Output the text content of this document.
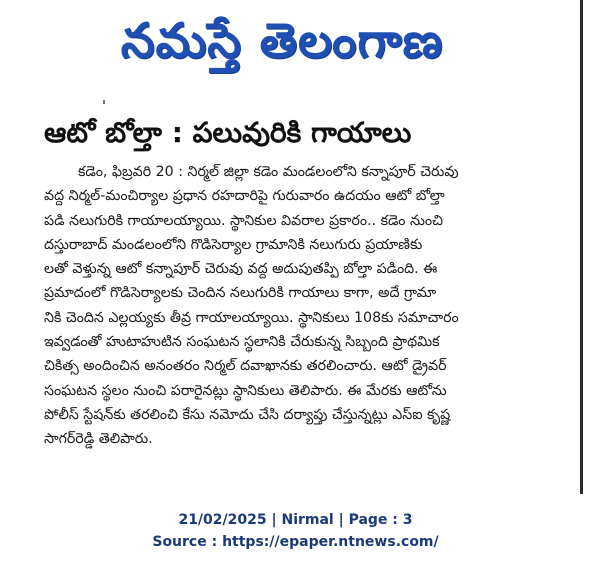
నమస్తే తెలంగాణ
ఆటో బోల్తా : పలువురికి గాయాలు
కడెం, ఫిబ్రవరి 20 : నిర్మల్ జిల్లా కడెం మండలంలోని కన్నాపూర్ చెరువు
వద్ద నిర్మల్-మంచిర్యాల ప్రధాన రహదారిపై గురువారం ఉదయం ఆటో బోల్తా
పడి నలుగురికి గాయాలయ్యాయి. స్థానికుల వివరాల ప్రకారం.. కడెం నుంచి
దస్తురాబాద్ మండలంలోని గొడిసెర్యాల గ్రామానికి నలుగురు ప్రయాణికు
లతో వెళ్తున్న ఆటో కన్నాపూర్ చెరువు వద్ద అదుపుతప్పి బోల్తా పడింది. ఈ
ప్రమాదంలో గొడిసెర్యాలకు చెందిన నలుగురికి గాయాలు కాగా, అదే గ్రామా
నికి చెందిన ఎల్లయ్యకు తీవ్ర గాయాలయ్యాయి. స్థానికులు 108కు సమాచారం
ఇవ్వడంతో హుటాహుటిన సంఘటన స్థలానికి చేరుకున్న సిబ్బంది ప్రాథమిక
చికిత్స అందించిన అనంతరం నిర్మల్ దవాఖానకు తరలించారు. ఆటో డ్రైవర్
సంఘటన స్థలం నుంచి పరారైనట్లు స్థానికులు తెలిపారు. ఈ మేరకు ఆటోను
పోలీస్ స్టేషన్‌కు తరలించి కేసు నమోదు చేసి దర్యాప్తు చేస్తున్నట్లు ఎస్ఐ కృష్ణ
సాగర్‌రెడ్డి తెలిపారు.
21/02/2025 | Nirmal | Page : 3
Source : https://epaper.ntnews.com/
